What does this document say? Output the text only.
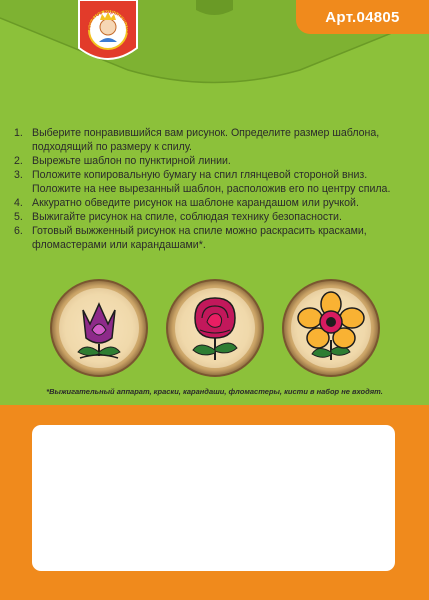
Десятое королевство
Арт.04805
1. Выберите понравившийся вам рисунок. Определите размер шаблона, подходящий по размеру к спилу.
2. Вырежьте шаблон по пунктирной линии.
3. Положите копировальную бумагу на спил глянцевой стороной вниз. Положите на нее вырезанный шаблон, расположив его по центру спила.
4. Аккуратно обведите рисунок на шаблоне карандашом или ручкой.
5. Выжигайте рисунок на спиле, соблюдая технику безопасности.
6. Готовый выжженный рисунок на спиле можно раскрасить красками, фломастерами или карандашами*.
*Выжигательный аппарат, краски, карандаши, фломастеры, кисти в набор не входят.
